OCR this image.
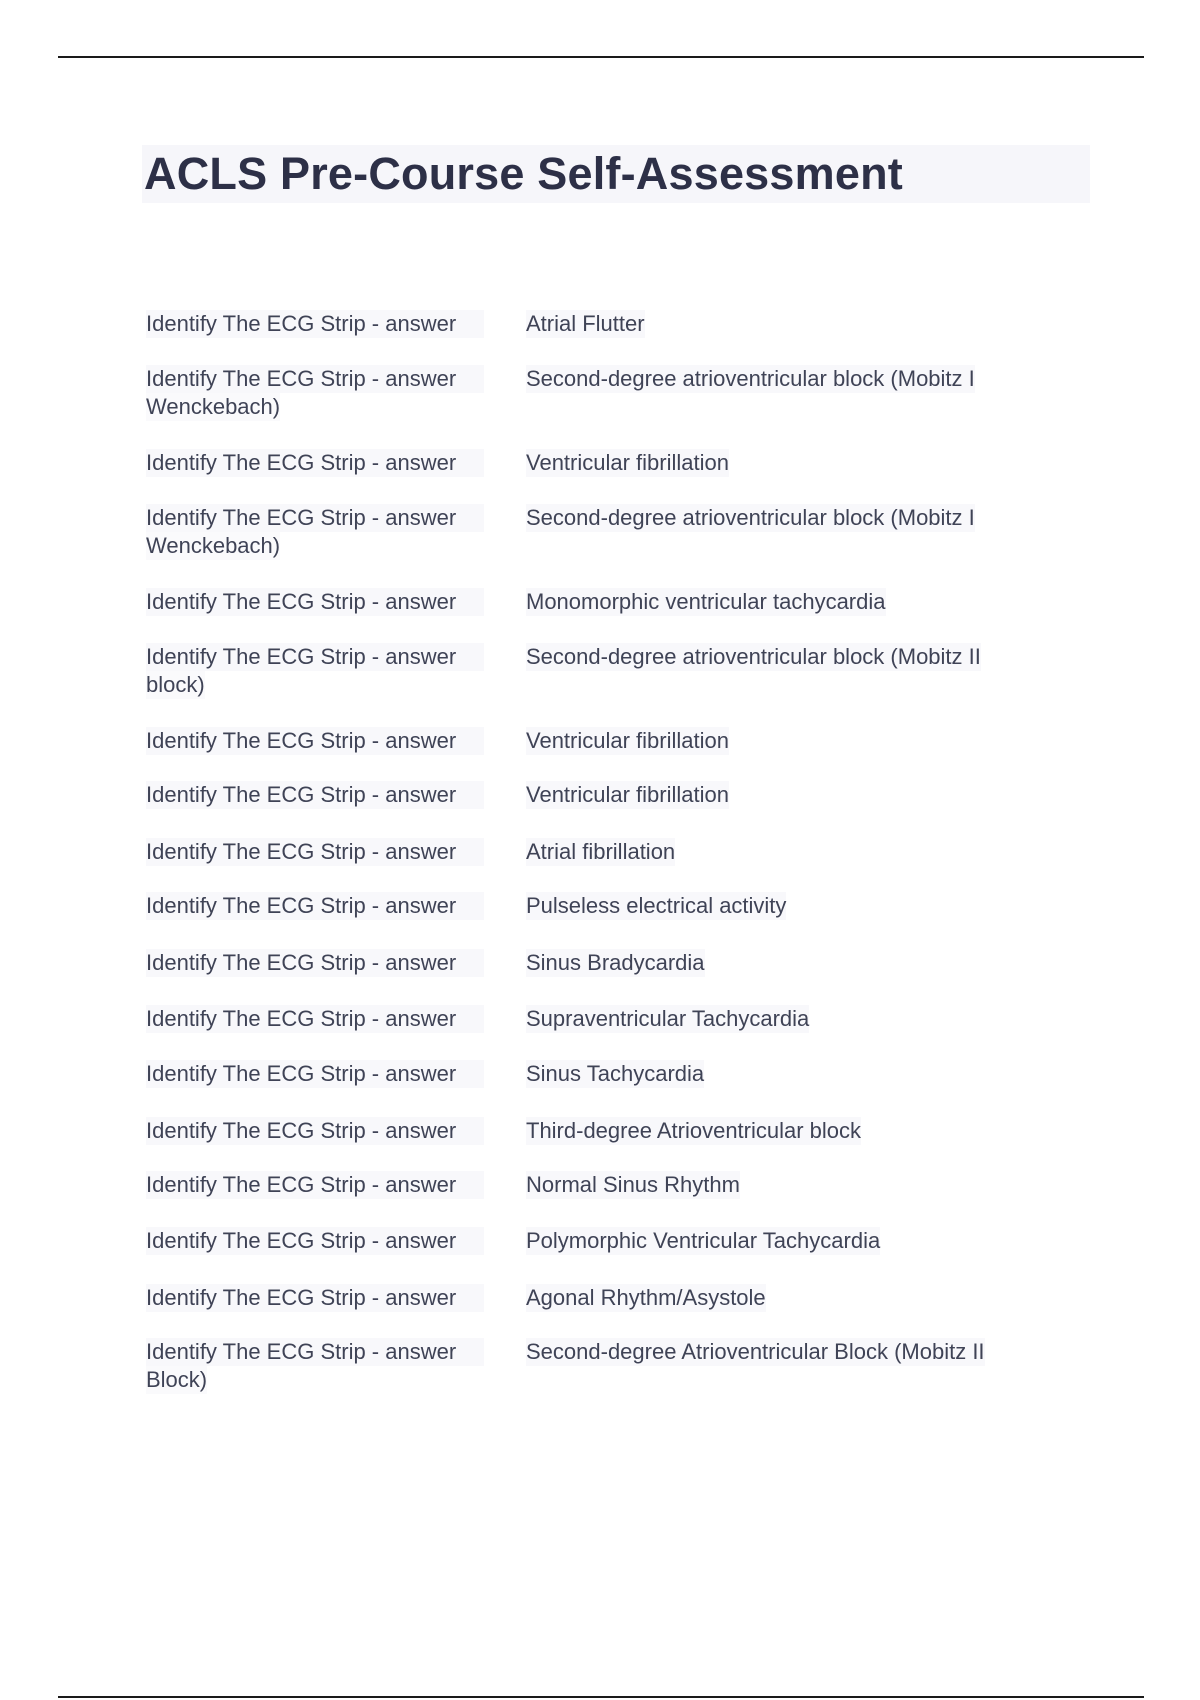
ACLS Pre-Course Self-Assessment
Identify The ECG Strip - answer	Atrial Flutter
Identify The ECG Strip - answer	Second-degree atrioventricular block (Mobitz I
Wenckebach)
Identify The ECG Strip - answer	Ventricular fibrillation
Identify The ECG Strip - answer	Second-degree atrioventricular block (Mobitz I
Wenckebach)
Identify The ECG Strip - answer	Monomorphic ventricular tachycardia
Identify The ECG Strip - answer	Second-degree atrioventricular block (Mobitz II
block)
Identify The ECG Strip - answer	Ventricular fibrillation
Identify The ECG Strip - answer	Ventricular fibrillation
Identify The ECG Strip - answer	Atrial fibrillation
Identify The ECG Strip - answer	Pulseless electrical activity
Identify The ECG Strip - answer	Sinus Bradycardia
Identify The ECG Strip - answer	Supraventricular Tachycardia
Identify The ECG Strip - answer	Sinus Tachycardia
Identify The ECG Strip - answer	Third-degree Atrioventricular block
Identify The ECG Strip - answer	Normal Sinus Rhythm
Identify The ECG Strip - answer	Polymorphic Ventricular Tachycardia
Identify The ECG Strip - answer	Agonal Rhythm/Asystole
Identify The ECG Strip - answer	Second-degree Atrioventricular Block (Mobitz II
Block)
